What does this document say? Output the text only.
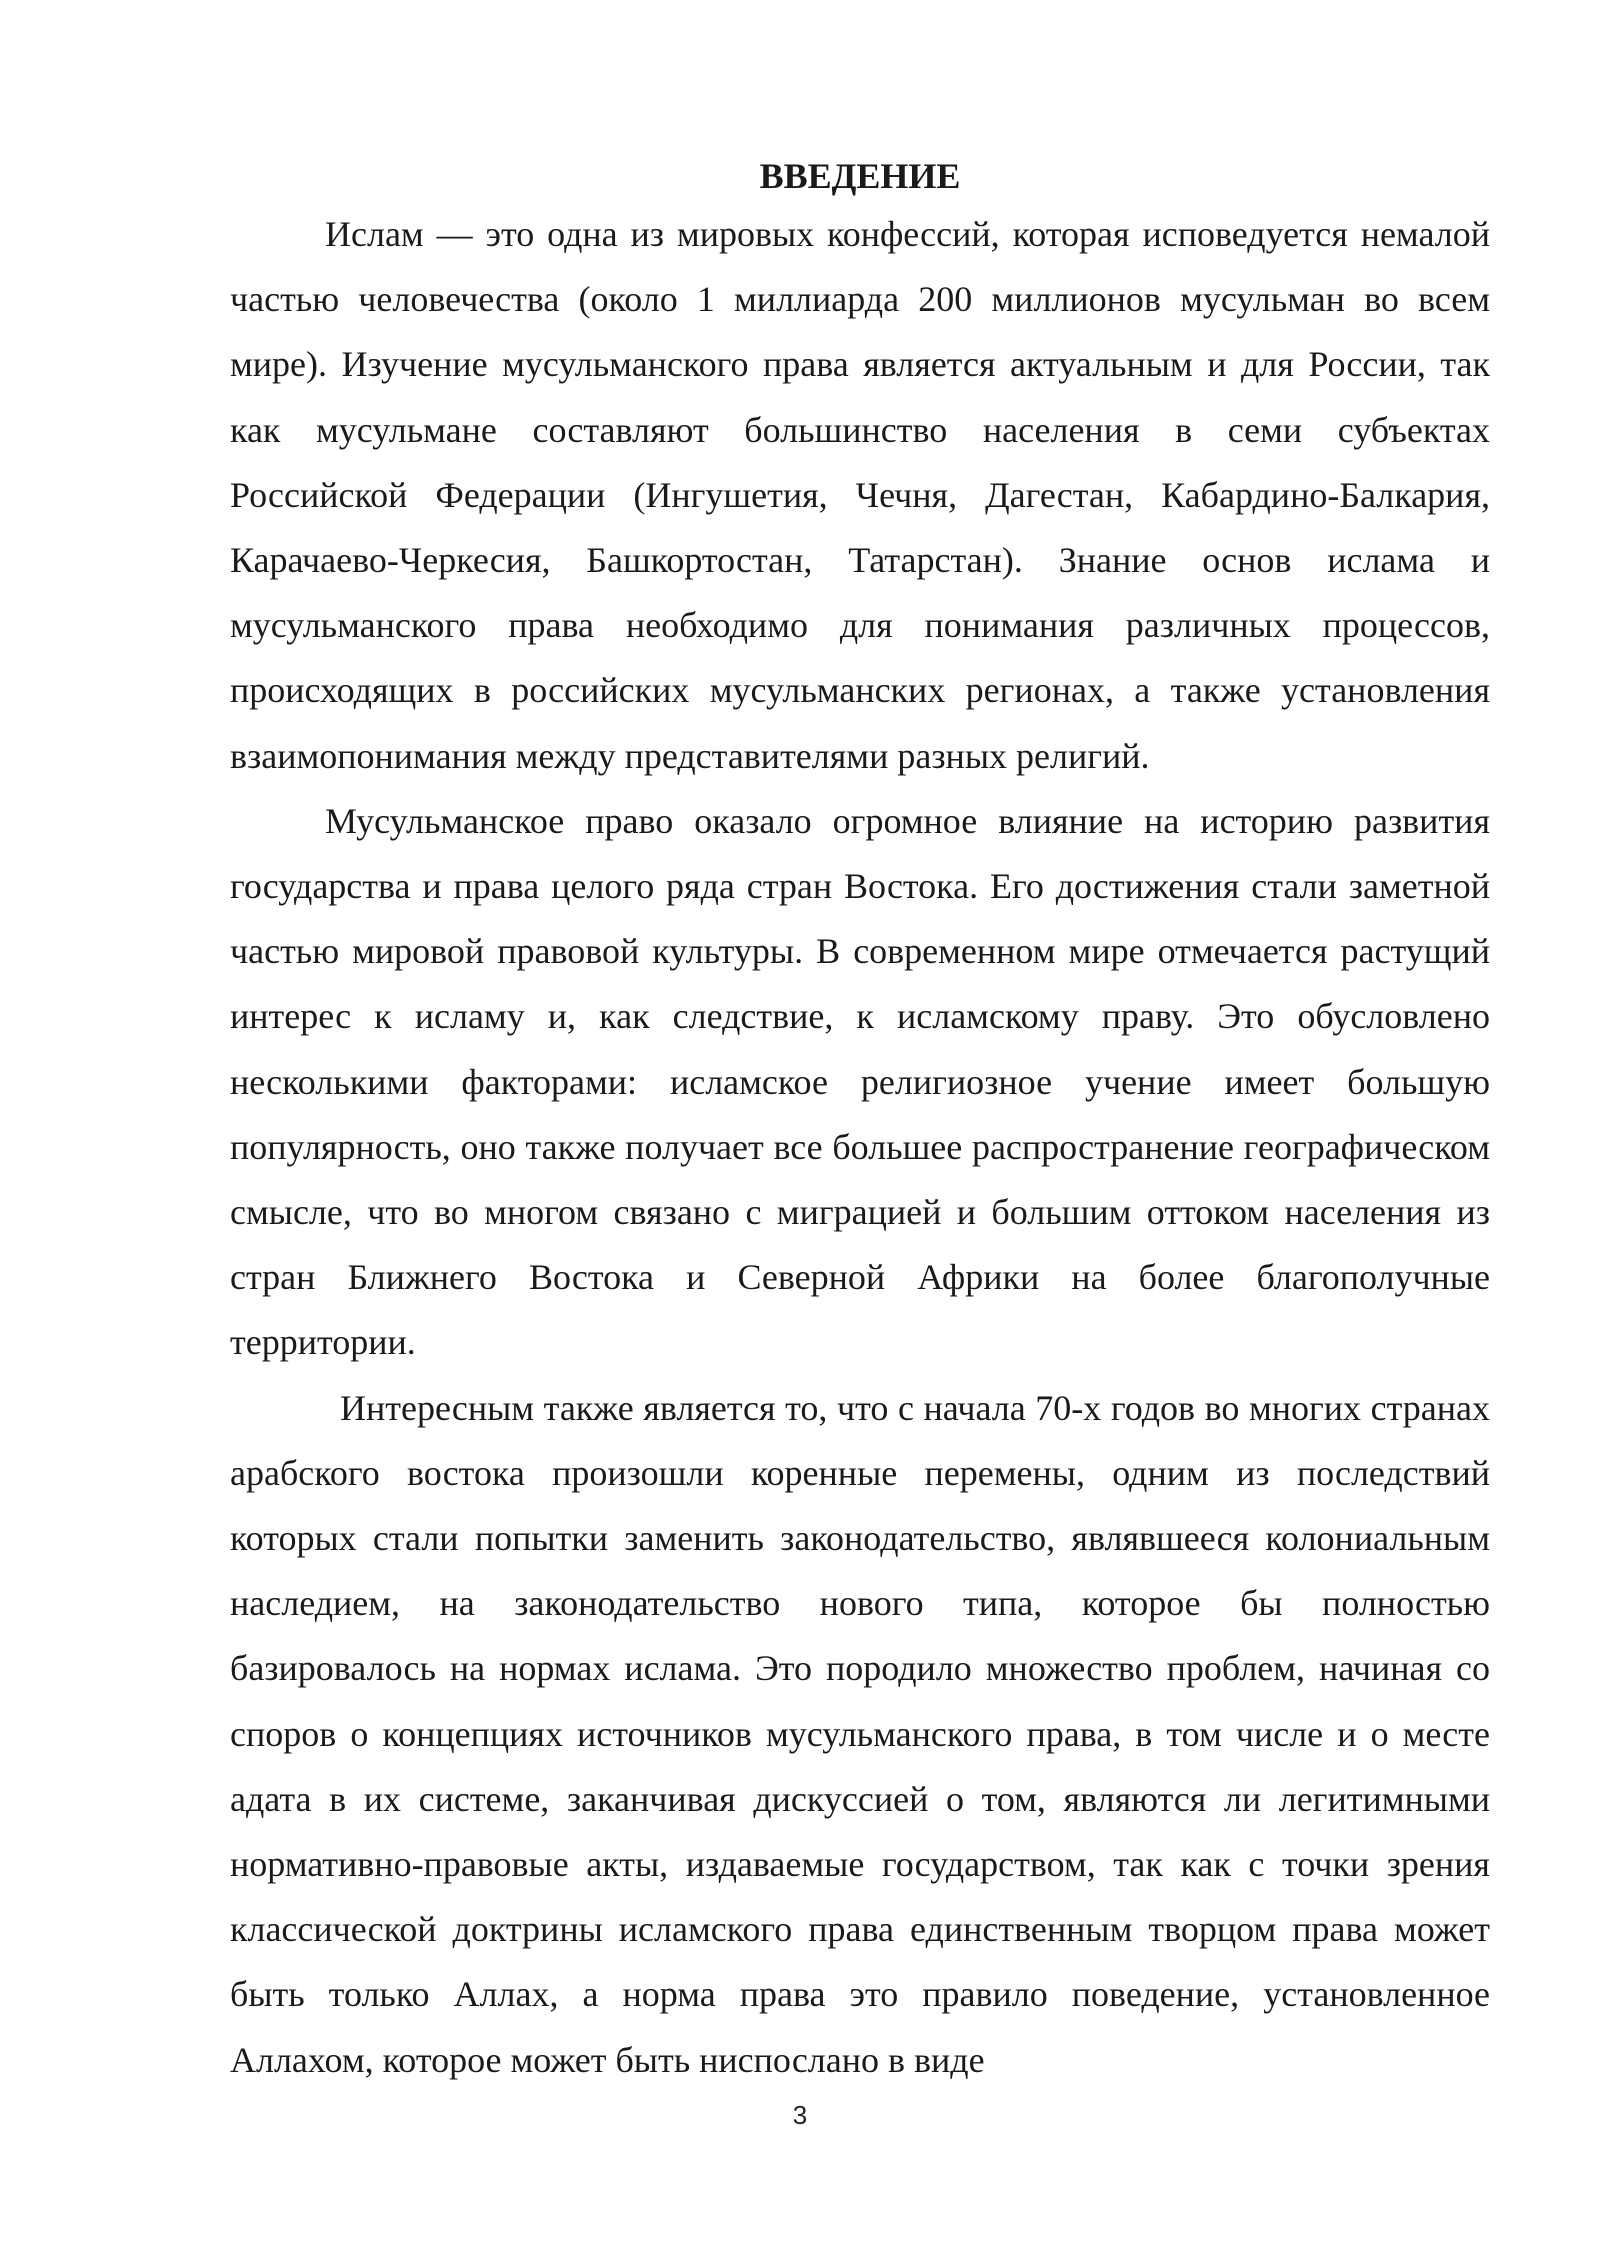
ВВЕДЕНИЕ

Ислам — это одна из мировых конфессий, которая исповедуется немалой частью человечества (около 1 миллиарда 200 миллионов мусульман во всем мире). Изучение мусульманского права является актуальным и для России, так как мусульмане составляют большинство населения в семи субъектах Российской Федерации (Ингушетия, Чечня, Дагестан, Кабардино-Балкария, Карачаево-Черкесия, Башкортостан, Татарстан). Знание основ ислама и мусульманского права необходимо для понимания различных процессов, происходящих в российских мусульманских регионах, а также установления взаимопонимания между представителями разных религий.

Мусульманское право оказало огромное влияние на историю развития государства и права целого ряда стран Востока. Его достижения стали заметной частью мировой правовой культуры. В современном мире отмечается растущий интерес к исламу и, как следствие, к исламскому праву. Это обусловлено несколькими факторами: исламское религиозное учение имеет большую популярность, оно также получает все большее распространение географическом смысле, что во многом связано с миграцией и большим оттоком населения из стран Ближнего Востока и Северной Африки на более благополучные территории.

Интересным также является то, что с начала 70-х годов во многих странах арабского востока произошли коренные перемены, одним из последствий которых стали попытки заменить законодательство, являвшееся колониальным наследием, на законодательство нового типа, которое бы полностью базировалось на нормах ислама. Это породило множество проблем, начиная со споров о концепциях источников мусульманского права, в том числе и о месте адата в их системе, заканчивая дискуссией о том, являются ли легитимными нормативно-правовые акты, издаваемые государством, так как с точки зрения классической доктрины исламского права единственным творцом права может быть только Аллах, а норма права это правило поведение, установленное Аллахом, которое может быть ниспослано в виде

3
